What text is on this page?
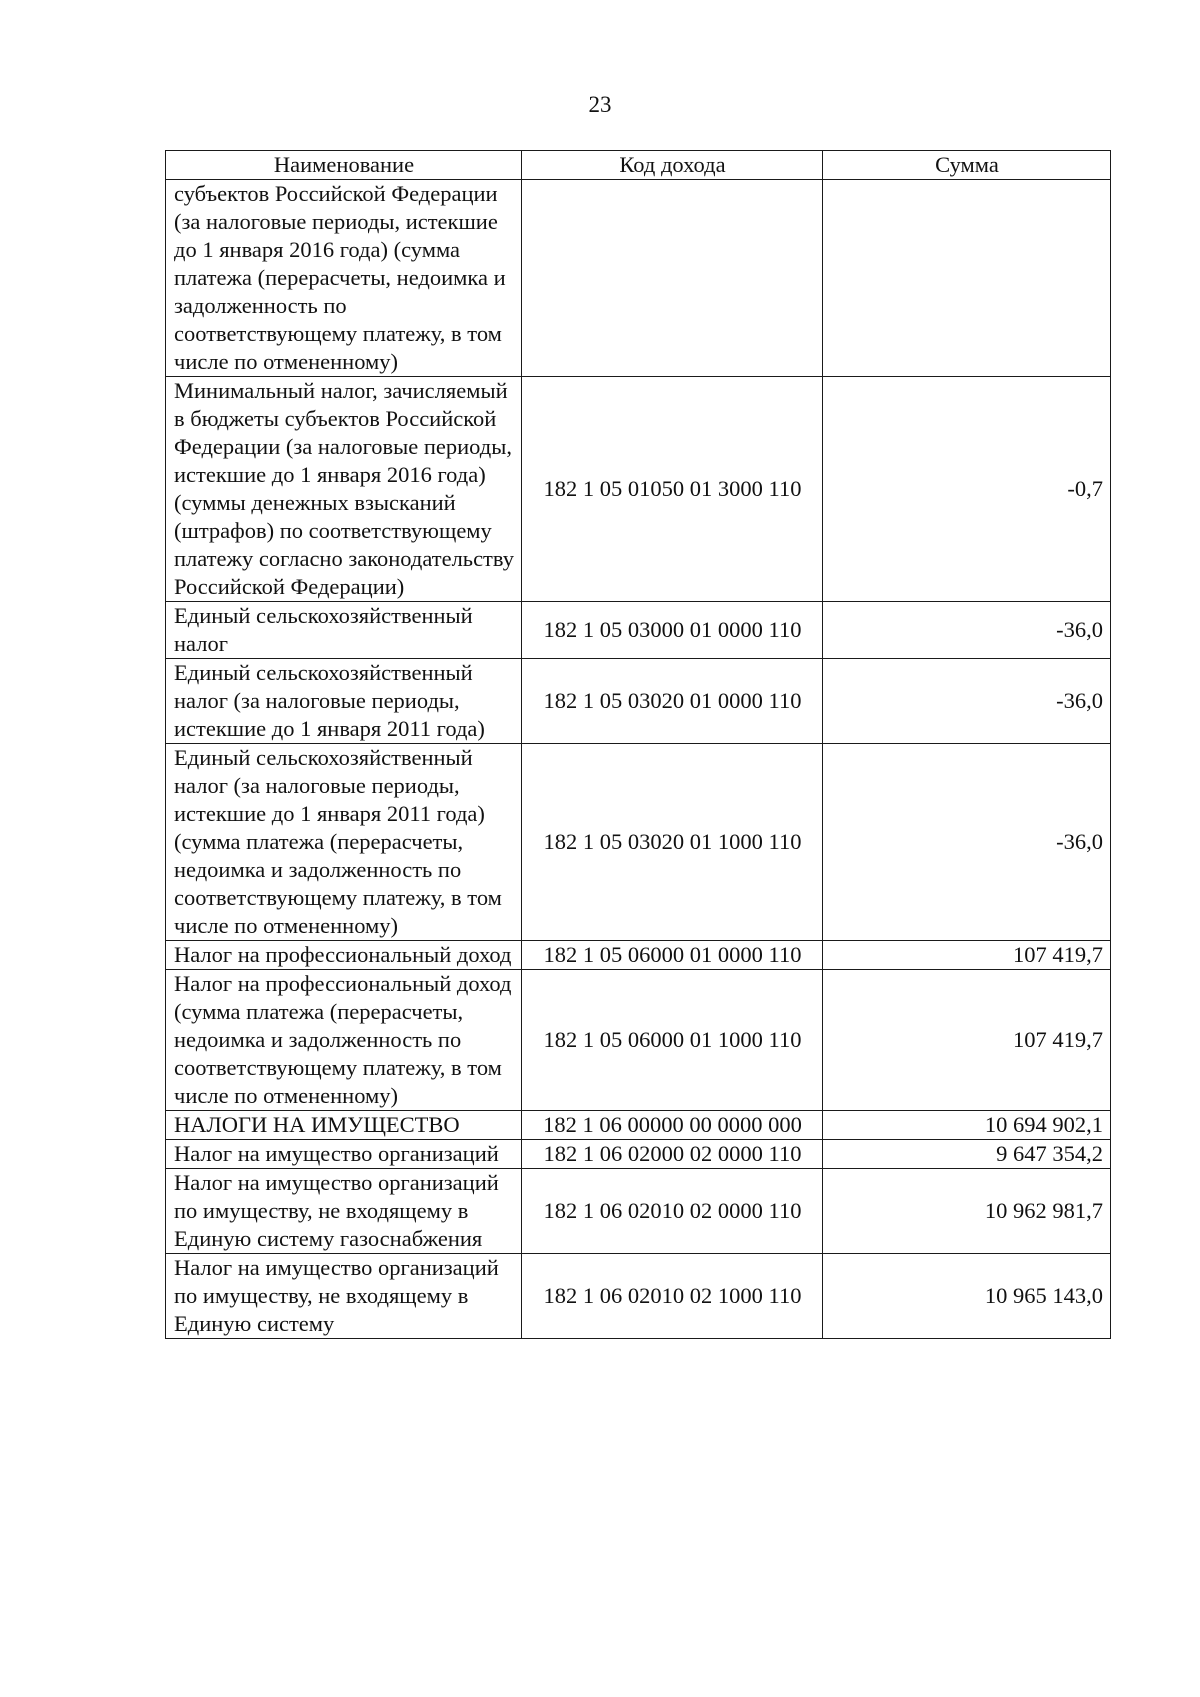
23
Наименование	Код дохода	Сумма
субъектов Российской Федерации (за налоговые периоды, истекшие до 1 января 2016 года) (сумма платежа (перерасчеты, недоимка и задолженность по соответствующему платежу, в том числе по отмененному)		
Минимальный налог, зачисляемый в бюджеты субъектов Российской Федерации (за налоговые периоды, истекшие до 1 января 2016 года) (суммы денежных взысканий (штрафов) по соответствующему платежу согласно законодательству Российской Федерации)	182 1 05 01050 01 3000 110	-0,7
Единый сельскохозяйственный налог	182 1 05 03000 01 0000 110	-36,0
Единый сельскохозяйственный налог (за налоговые периоды, истекшие до 1 января 2011 года)	182 1 05 03020 01 0000 110	-36,0
Единый сельскохозяйственный налог (за налоговые периоды, истекшие до 1 января 2011 года) (сумма платежа (перерасчеты, недоимка и задолженность по соответствующему платежу, в том числе по отмененному)	182 1 05 03020 01 1000 110	-36,0
Налог на профессиональный доход	182 1 05 06000 01 0000 110	107 419,7
Налог на профессиональный доход (сумма платежа (перерасчеты, недоимка и задолженность по соответствующему платежу, в том числе по отмененному)	182 1 05 06000 01 1000 110	107 419,7
НАЛОГИ НА ИМУЩЕСТВО	182 1 06 00000 00 0000 000	10 694 902,1
Налог на имущество организаций	182 1 06 02000 02 0000 110	9 647 354,2
Налог на имущество организаций по имуществу, не входящему в Единую систему газоснабжения	182 1 06 02010 02 0000 110	10 962 981,7
Налог на имущество организаций по имуществу, не входящему в Единую систему	182 1 06 02010 02 1000 110	10 965 143,0
